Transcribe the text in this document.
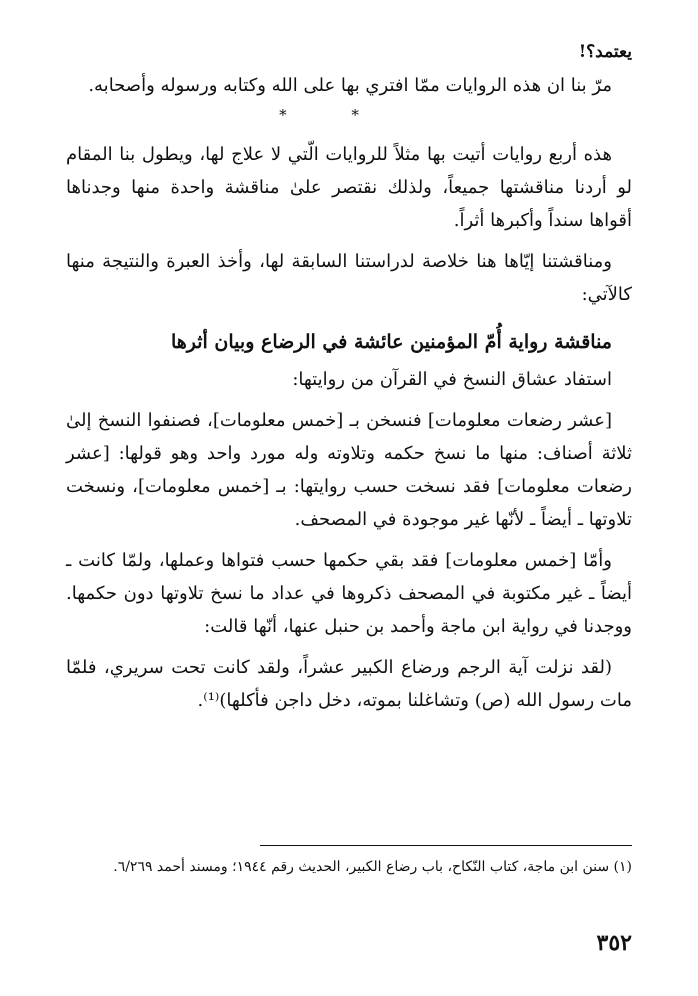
يعتمد؟!

مرّ بنا ان هذه الروايات ممّا افتري بها على الله وكتابه ورسوله وأصحابه.

* *

هذه أربع روايات أتيت بها مثلاً للروايات الّتي لا علاج لها، ويطول بنا المقام لو أردنا مناقشتها جميعاً، ولذلك نقتصر علىٰ مناقشة واحدة منها وجدناها أقواها سنداً وأكبرها أثراً.

ومناقشتنا إيّاها هنا خلاصة لدراستنا السابقة لها، وأخذ العبرة والنتيجة منها كالآتي:

مناقشة رواية أُمّ المؤمنين عائشة في الرضاع وبيان أثرها

استفاد عشاق النسخ في القرآن من روايتها:

[عشر رضعات معلومات] فنسخن بـ [خمس معلومات]، فصنفوا النسخ إلىٰ ثلاثة أصناف: منها ما نسخ حكمه وتلاوته وله مورد واحد وهو قولها: [عشر رضعات معلومات] فقد نسخت حسب روايتها: بـ [خمس معلومات]، ونسخت تلاوتها ـ أيضاً ـ لأنّها غير موجودة في المصحف.

وأمّا [خمس معلومات] فقد بقي حكمها حسب فتواها وعملها، ولمّا كانت ـ أيضاً ـ غير مكتوبة في المصحف ذكروها في عداد ما نسخ تلاوتها دون حكمها. ووجدنا في رواية ابن ماجة وأحمد بن حنبل عنها، أنّها قالت:

(لقد نزلت آية الرجم ورضاع الكبير عشراً، ولقد كانت تحت سريري، فلمّا مات رسول الله (ص) وتشاغلنا بموته، دخل داجن فأكلها)⁽¹⁾.

(١) سنن ابن ماجة، كتاب النّكاح، باب رضاع الكبير، الحديث رقم ١٩٤٤؛ ومسند أحمد ٦/٢٦٩.

٣٥٢
